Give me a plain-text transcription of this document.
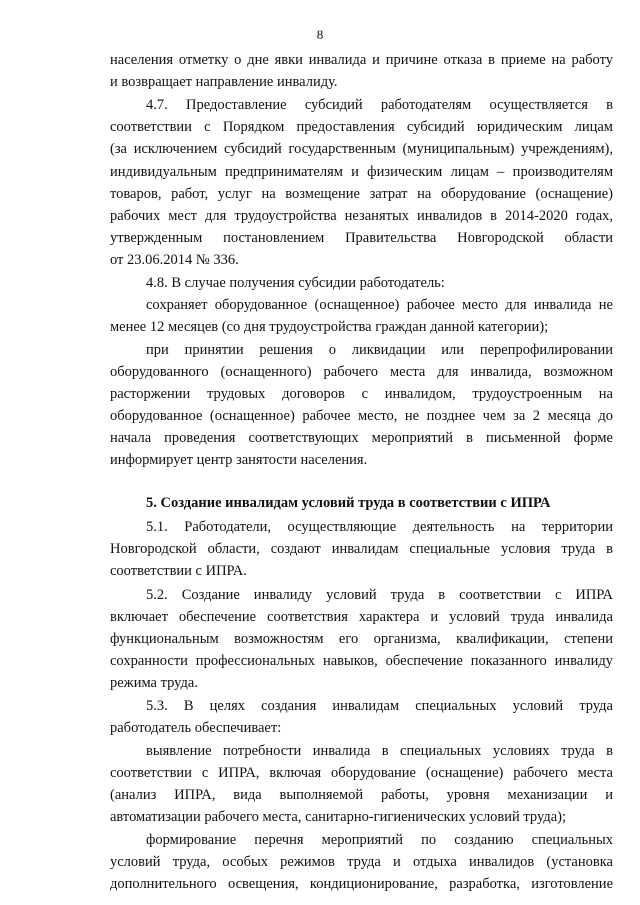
8
населения отметку о дне явки инвалида и причине отказа в приеме на работу
и возвращает направление инвалиду.
4.7. Предоставление субсидий работодателям осуществляется в
соответствии с Порядком предоставления субсидий юридическим лицам
(за исключением субсидий государственным (муниципальным) учреждениям),
индивидуальным предпринимателям и физическим лицам – производителям
товаров, работ, услуг на возмещение затрат на оборудование (оснащение)
рабочих мест для трудоустройства незанятых инвалидов в 2014-2020 годах,
утвержденным постановлением Правительства Новгородской области
от 23.06.2014 № 336.
4.8. В случае получения субсидии работодатель:
сохраняет оборудованное (оснащенное) рабочее место для инвалида не
менее 12 месяцев (со дня трудоустройства граждан данной категории);
при принятии решения о ликвидации или перепрофилировании
оборудованного (оснащенного) рабочего места для инвалида, возможном
расторжении трудовых договоров с инвалидом, трудоустроенным на
оборудованное (оснащенное) рабочее место, не позднее чем за 2 месяца до
начала проведения соответствующих мероприятий в письменной форме
информирует центр занятости населения.
5. Создание инвалидам условий труда в соответствии с ИПРА
5.1. Работодатели, осуществляющие деятельность на территории
Новгородской области, создают инвалидам специальные условия труда в
соответствии с ИПРА.
5.2. Создание инвалиду условий труда в соответствии с ИПРА
включает обеспечение соответствия характера и условий труда инвалида
функциональным возможностям его организма, квалификации, степени
сохранности профессиональных навыков, обеспечение показанного инвалиду
режима труда.
5.3. В целях создания инвалидам специальных условий труда
работодатель обеспечивает:
выявление потребности инвалида в специальных условиях труда в
соответствии с ИПРА, включая оборудование (оснащение) рабочего места
(анализ ИПРА, вида выполняемой работы, уровня механизации и
автоматизации рабочего места, санитарно-гигиенических условий труда);
формирование перечня мероприятий по созданию специальных
условий труда, особых режимов труда и отдыха инвалидов (установка
дополнительного освещения, кондиционирование, разработка, изготовление
